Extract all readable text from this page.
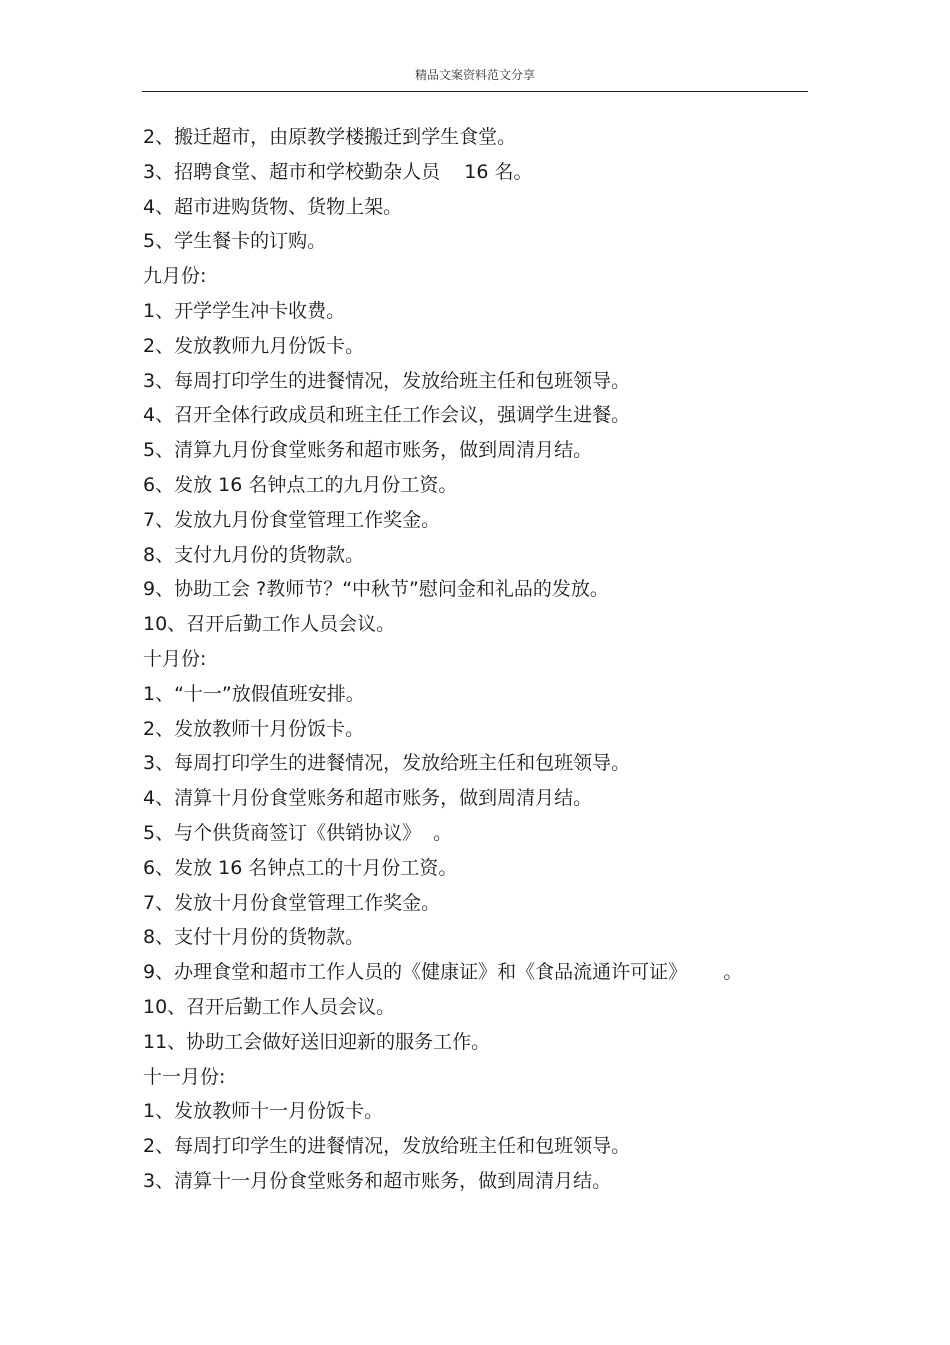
精品文案资料范文分享
2、搬迁超市，由原教学楼搬迁到学生食堂。
3、招聘食堂、超市和学校勤杂人员    16 名。
4、超市进购货物、货物上架。
5、学生餐卡的订购。
九月份:
1、开学学生冲卡收费。
2、发放教师九月份饭卡。
3、每周打印学生的进餐情况，发放给班主任和包班领导。
4、召开全体行政成员和班主任工作会议，强调学生进餐。
5、清算九月份食堂账务和超市账务，做到周清月结。
6、发放 16 名钟点工的九月份工资。
7、发放九月份食堂管理工作奖金。
8、支付九月份的货物款。
9、协助工会 ?教师节？“中秋节”慰问金和礼品的发放。
10、召开后勤工作人员会议。
十月份:
1、“十一”放假值班安排。
2、发放教师十月份饭卡。
3、每周打印学生的进餐情况，发放给班主任和包班领导。
4、清算十月份食堂账务和超市账务，做到周清月结。
5、与个供货商签订《供销协议》  。
6、发放 16 名钟点工的十月份工资。
7、发放十月份食堂管理工作奖金。
8、支付十月份的货物款。
9、办理食堂和超市工作人员的《健康证》和《食品流通许可证》      。
10、召开后勤工作人员会议。
11、协助工会做好送旧迎新的服务工作。
十一月份:
1、发放教师十一月份饭卡。
2、每周打印学生的进餐情况，发放给班主任和包班领导。
3、清算十一月份食堂账务和超市账务，做到周清月结。
